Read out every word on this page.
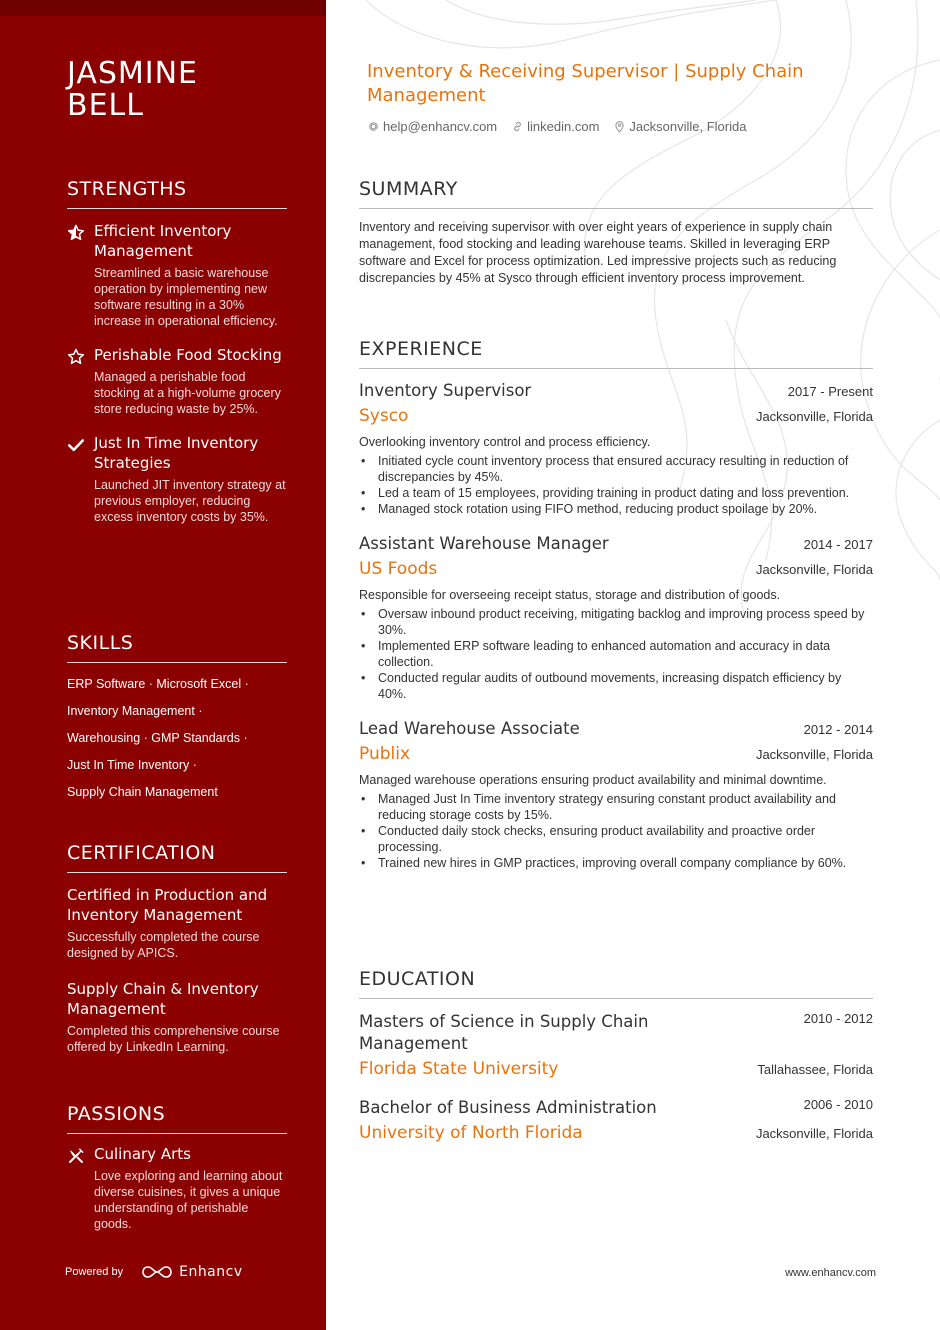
JASMINE
BELL
STRENGTHS
Efficient Inventory Management
Streamlined a basic warehouse operation by implementing new software resulting in a 30% increase in operational efficiency.
Perishable Food Stocking
Managed a perishable food stocking at a high-volume grocery store reducing waste by 25%.
Just In Time Inventory Strategies
Launched JIT inventory strategy at previous employer, reducing excess inventory costs by 35%.
SKILLS
ERP Software · Microsoft Excel ·
Inventory Management ·
Warehousing · GMP Standards ·
Just In Time Inventory ·
Supply Chain Management
CERTIFICATION
Certified in Production and Inventory Management
Successfully completed the course designed by APICS.
Supply Chain & Inventory Management
Completed this comprehensive course offered by LinkedIn Learning.
PASSIONS
Culinary Arts
Love exploring and learning about diverse cuisines, it gives a unique understanding of perishable goods.
Powered by	Enhancv
Inventory & Receiving Supervisor | Supply Chain Management
help@enhancv.com linkedin.com Jacksonville, Florida
SUMMARY
Inventory and receiving supervisor with over eight years of experience in supply chain management, food stocking and leading warehouse teams. Skilled in leveraging ERP software and Excel for process optimization. Led impressive projects such as reducing discrepancies by 45% at Sysco through efficient inventory process improvement.
EXPERIENCE
Inventory Supervisor	2017 - Present
Sysco	Jacksonville, Florida
Overlooking inventory control and process efficiency.
• Initiated cycle count inventory process that ensured accuracy resulting in reduction of discrepancies by 45%.
• Led a team of 15 employees, providing training in product dating and loss prevention.
• Managed stock rotation using FIFO method, reducing product spoilage by 20%.
Assistant Warehouse Manager	2014 - 2017
US Foods	Jacksonville, Florida
Responsible for overseeing receipt status, storage and distribution of goods.
• Oversaw inbound product receiving, mitigating backlog and improving process speed by 30%.
• Implemented ERP software leading to enhanced automation and accuracy in data collection.
• Conducted regular audits of outbound movements, increasing dispatch efficiency by 40%.
Lead Warehouse Associate	2012 - 2014
Publix	Jacksonville, Florida
Managed warehouse operations ensuring product availability and minimal downtime.
• Managed Just In Time inventory strategy ensuring constant product availability and reducing storage costs by 15%.
• Conducted daily stock checks, ensuring product availability and proactive order processing.
• Trained new hires in GMP practices, improving overall company compliance by 60%.
EDUCATION
Masters of Science in Supply Chain Management
2010 - 2012
Florida State University	Tallahassee, Florida
Bachelor of Business Administration	2006 - 2010
University of North Florida	Jacksonville, Florida
www.enhancv.com
